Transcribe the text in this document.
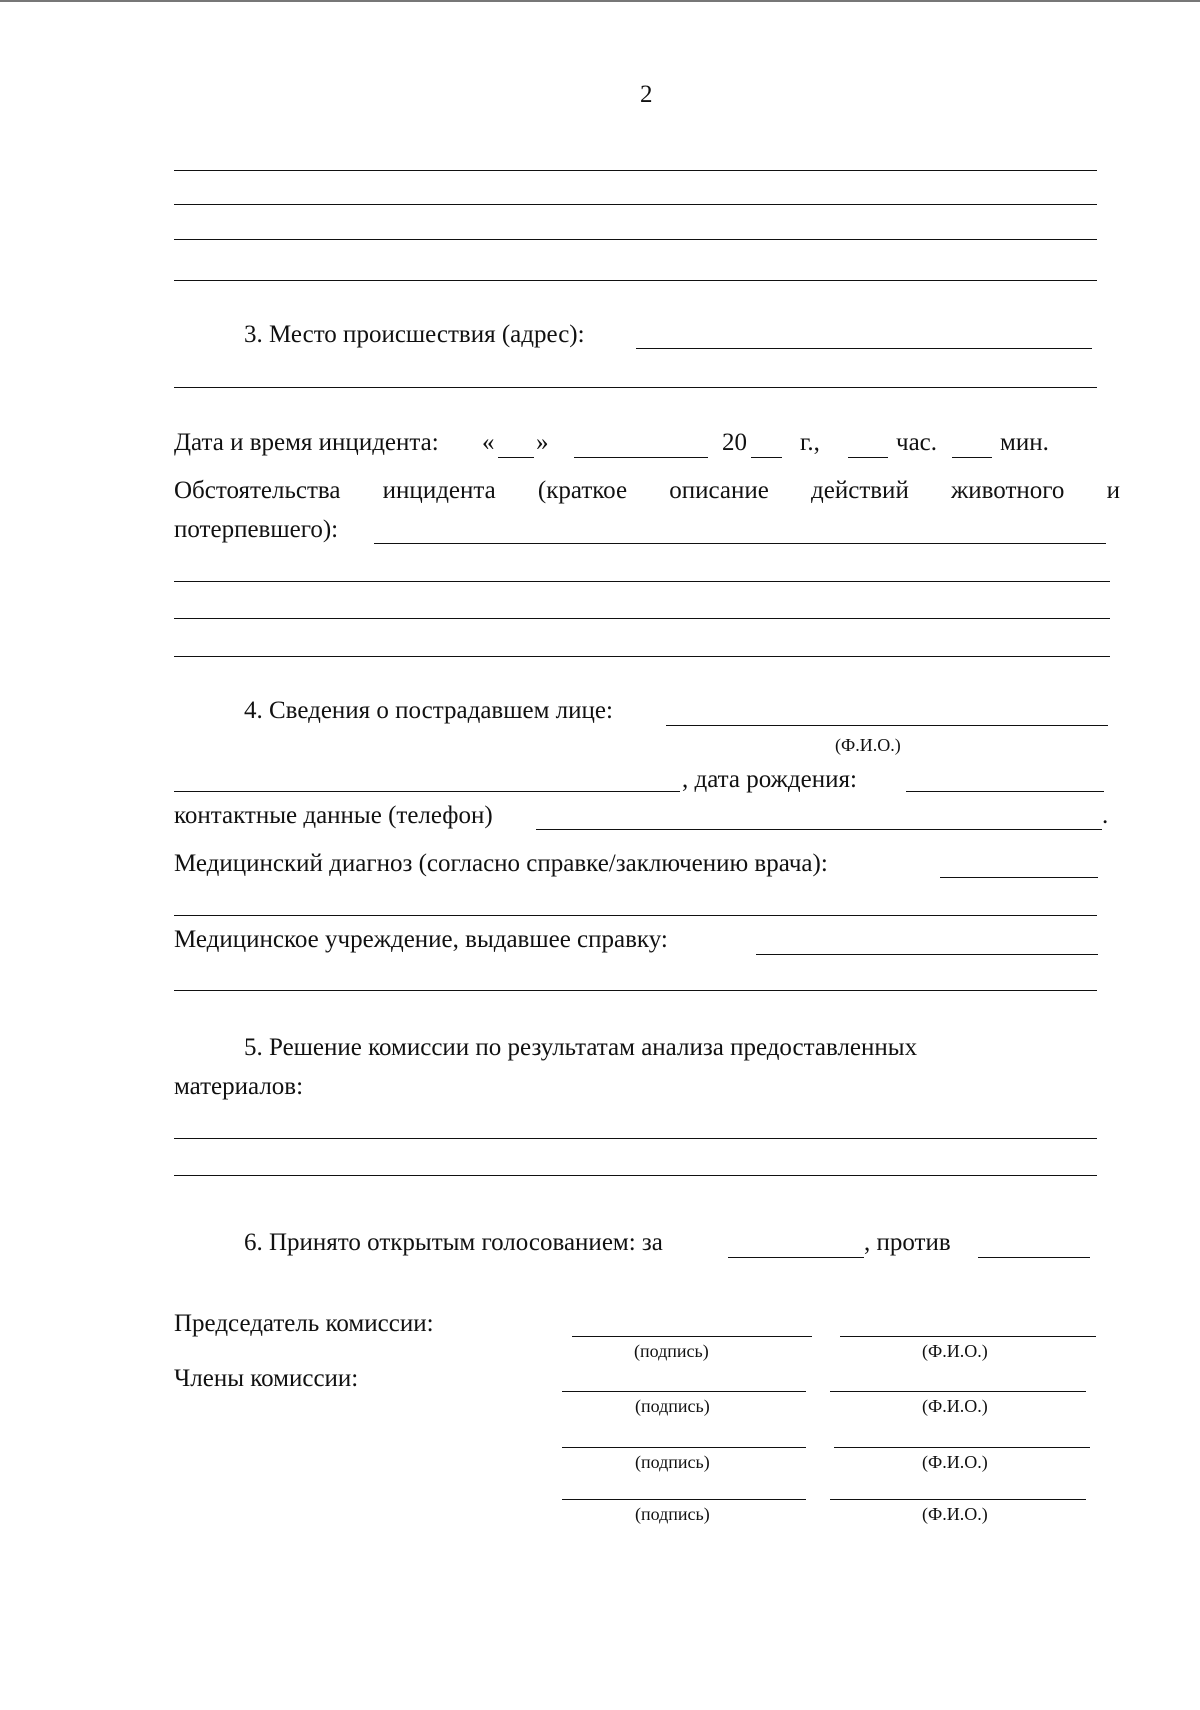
2
3. Место происшествия (адрес):
Дата и время инцидента: « »	20 г.,	час.	мин.
Обстоятельства инцидента (краткое описание действий животного и
потерпевшего):
4. Сведения о пострадавшем лице:
(Ф.И.О.)
, дата рождения:
контактные данные (телефон)	.
Медицинский диагноз (согласно справке/заключению врача):
Медицинское учреждение, выдавшее справку:
5. Решение комиссии по результатам анализа предоставленных
материалов:
6. Принято открытым голосованием: за	, против
Председатель комиссии:
Члены комиссии:
(подпись)	(Ф.И.О.)
(подпись)	(Ф.И.О.)
(подпись)	(Ф.И.О.)
(подпись)	(Ф.И.О.)
